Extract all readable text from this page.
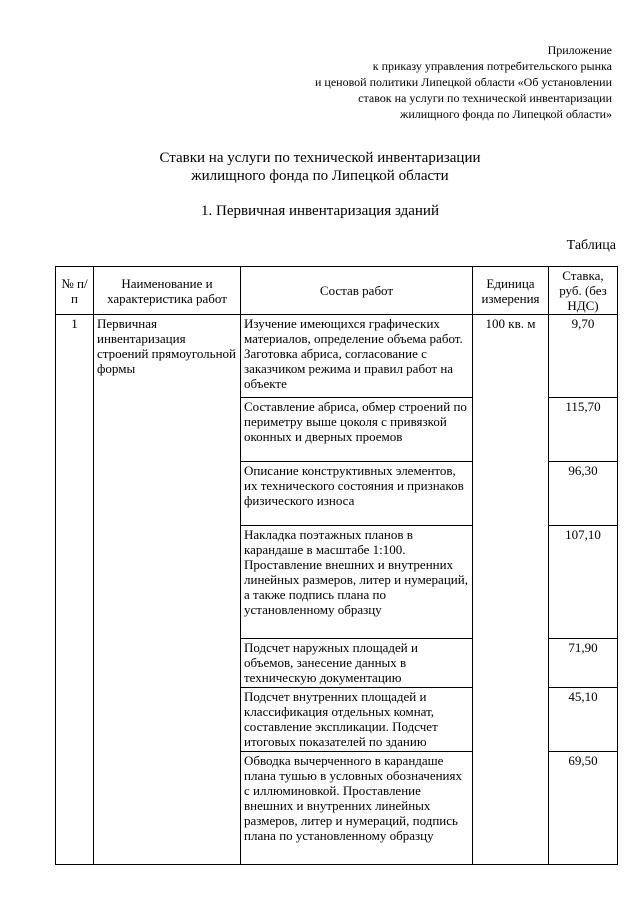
Приложение
к приказу управления потребительского рынка
и ценовой политики Липецкой области «Об установлении
ставок на услуги по технической инвентаризации
жилищного фонда по Липецкой области»
Ставки на услуги по технической инвентаризации
жилищного фонда по Липецкой области
1. Первичная инвентаризация зданий
Таблица
№ п/п	Наименование и характеристика работ	Состав работ	Единица измерения	Ставка, руб. (без НДС)
1	Первичная инвентаризация строений прямоугольной формы	Изучение имеющихся графических материалов, определение объема работ. Заготовка абриса, согласование с заказчиком режима и правил работ на объекте	100 кв. м	9,70
		Составление абриса, обмер строений по периметру выше цоколя с привязкой оконных и дверных проемов		115,70
		Описание конструктивных элементов, их технического состояния и признаков физического износа		96,30
		Накладка поэтажных планов в карандаше в масштабе 1:100. Проставление внешних и внутренних линейных размеров, литер и нумераций, а также подпись плана по установленному образцу		107,10
		Подсчет наружных площадей и объемов, занесение данных в техническую документацию		71,90
		Подсчет внутренних площадей и классификация отдельных комнат, составление экспликации. Подсчет итоговых показателей по зданию		45,10
		Обводка вычерченного в карандаше плана тушью в условных обозначениях с иллюминовкой. Проставление внешних и внутренних линейных размеров, литер и нумераций, подпись плана по установленному образцу		69,50
